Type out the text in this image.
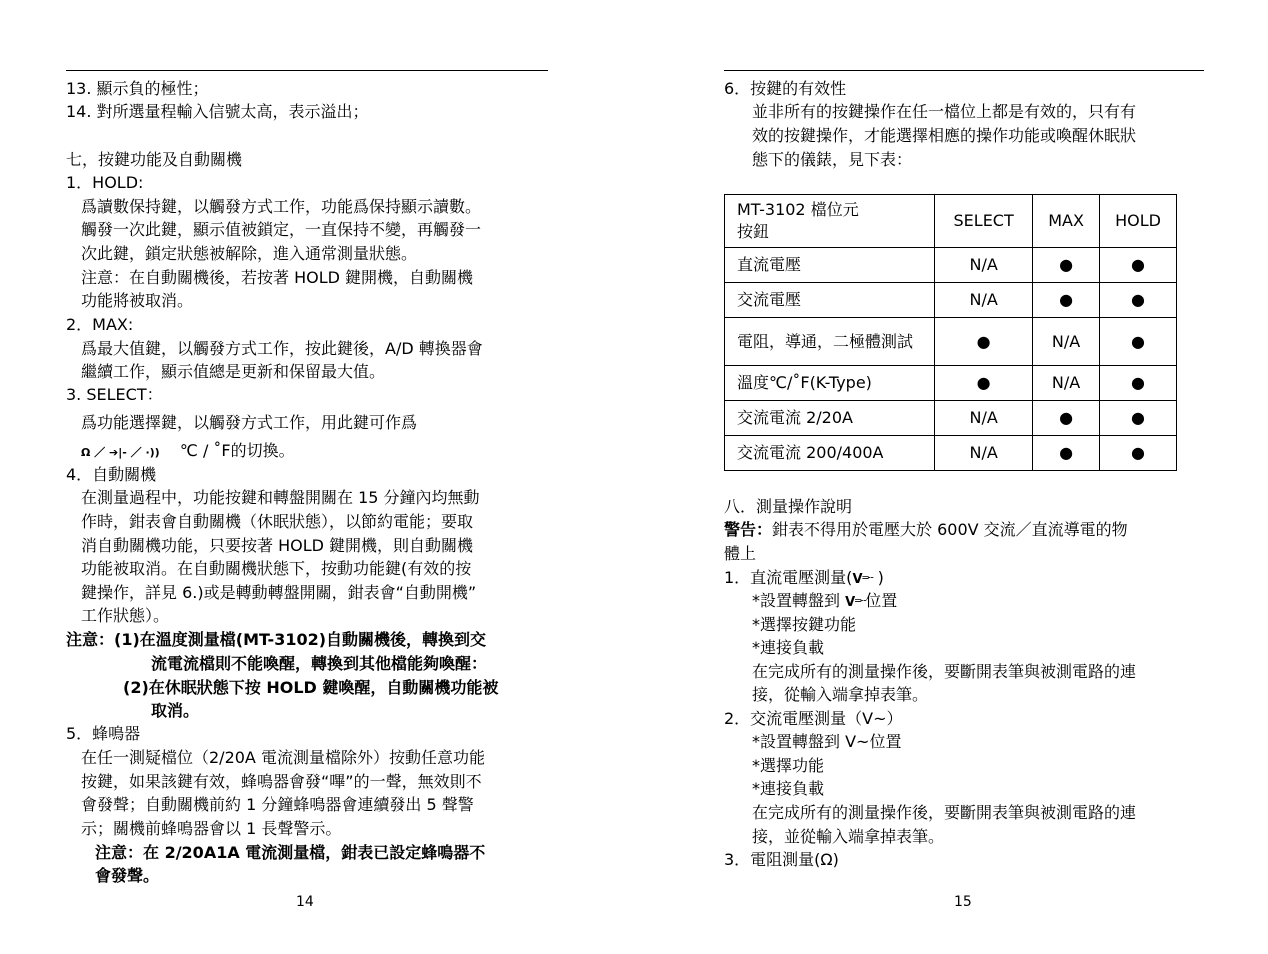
13. 顯示負的極性；
14. 對所選量程輸入信號太高，表示溢出；
七，按鍵功能及自動關機
1．HOLD:
爲讀數保持鍵，以觸發方式工作，功能爲保持顯示讀數。
觸發一次此鍵，顯示值被鎖定，一直保持不變，再觸發一
次此鍵，鎖定狀態被解除，進入通常測量狀態。
注意：在自動關機後，若按著 HOLD 鍵開機，自動關機
功能將被取消。
2．MAX:
爲最大值鍵，以觸發方式工作，按此鍵後，A/D 轉換器會
繼續工作，顯示值總是更新和保留最大值。
3. SELECT：
爲功能選擇鍵，以觸發方式工作，用此鍵可作爲
Ω ／ ➔|- ／ ·)) ℃ / ˚F的切換。
4．自動關機
在測量過程中，功能按鍵和轉盤開關在 15 分鐘內均無動
作時，鉗表會自動關機（休眠狀態），以節約電能；要取
消自動關機功能，只要按著 HOLD 鍵開機，則自動關機
功能被取消。在自動關機狀態下，按動功能鍵(有效的按
鍵操作，詳見 6.)或是轉動轉盤開關，鉗表會“自動開機”
工作狀態）。
注意：(1)在溫度測量檔(MT-3102)自動關機後，轉換到交
流電流檔則不能喚醒，轉換到其他檔能夠喚醒：
(2)在休眠狀態下按 HOLD 鍵喚醒，自動關機功能被
取消。
5．蜂鳴器
在任一測疑檔位（2/20A 電流測量檔除外）按動任意功能
按鍵，如果該鍵有效，蜂鳴器會發“嗶”的一聲，無效則不
會發聲；自動關機前約 1 分鐘蜂鳴器會連續發出 5 聲警
示；關機前蜂鳴器會以 1 長聲警示。
注意：在 2/20A1A 電流測量檔，鉗表已設定蜂鳴器不
會發聲。
14
6．按鍵的有效性
並非所有的按鍵操作在任一檔位上都是有效的，只有有
效的按鍵操作，才能選擇相應的操作功能或喚醒休眠狀
態下的儀錶，見下表：
MT-3102 檔位元
按鈕	SELECT	MAX	HOLD
直流電壓	N/A	●	●
交流電壓	N/A	●	●
電阻，導通，二極體測試	●	N/A	●
溫度℃/˚F(K-Type)	●	N/A	●
交流電流 2/20A	N/A	●	●
交流電流 200/400A	N/A	●	●
八．測量操作說明
警告：鉗表不得用於電壓大於 600V 交流／直流導電的物
體上
1．直流電壓測量(V═╌ )
*設置轉盤到 V═╌位置
*選擇按鍵功能
*連接負載
在完成所有的測量操作後，要斷開表筆與被測電路的連
接，從輸入端拿掉表筆。
2．交流電壓測量（V~）
*設置轉盤到 V~位置
*選擇功能
*連接負載
在完成所有的測量操作後，要斷開表筆與被測電路的連
接，並從輸入端拿掉表筆。
3．電阻測量(Ω)
15
